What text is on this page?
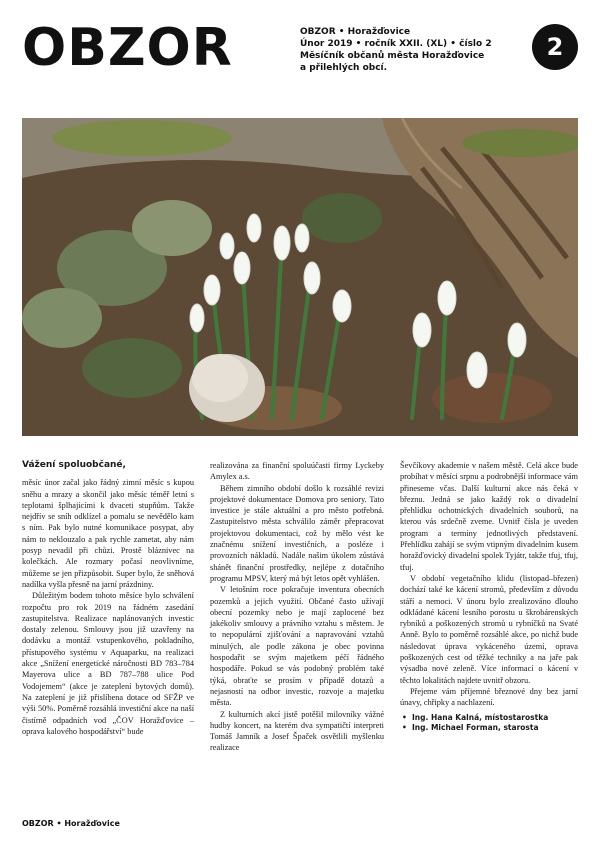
OBZOR	OBZOR • Horažďovice
Únor 2019 • ročník XXII. (XL) • číslo 2
Měsíčník občanů města Horažďovice
a přilehlých obcí.
2
Vážení spoluobčané,

měsíc únor začal jako řádný zimní měsíc s kupou sněhu a mrazy a skončil jako měsíc téměř letní s teplotami šplhajícími k dvaceti stupňům. Takže nejdřív se sníh odklízel a pomalu se nevědělo kam s ním. Pak bylo nutné komunikace posypat, aby nám to neklouzalo a pak rychle zametat, aby nám posyp nevadil při chůzi. Prostě bláznivec na kolečkách. Ale rozmary počasí neovlivníme, můžeme se jen přizpůsobit. Super bylo, že sněhová nadílka vyšla přesně na jarní prázdniny.

Důležitým bodem tohoto měsíce bylo schválení rozpočtu pro rok 2019 na řádném zasedání zastupitelstva. Realizace naplánovaných investic dostaly zelenou. Smlouvy jsou již uzavřeny na dodávku a montáž vstupenkového, pokladního, přístupového systému v Aquaparku, na realizaci akce „Snížení energetické náročnosti BD 783–784 Mayerova ulice a BD 787–788 ulice Pod Vodojemem“ (akce je zateplení bytových domů). Na zateplení je již přislíbena dotace od SFŽP ve výši 50%. Poměrně rozsáhlá investiční akce na naší čistírně odpadních vod „ČOV Horažďovice – oprava kalového hospodářství“ bude

realizována za finanční spoluúčasti firmy Lyckeby Amylex a.s.

Během zimního období došlo k rozsáhlé revizi projektové dokumentace Domova pro seniory. Tato investice je stále aktuální a pro město potřebná. Zastupitelstvo města schválilo záměr přepracovat projektovou dokumentaci, což by mělo vést ke značnému snížení investičních, a posléze i provozních nákladů. Nadále našim úkolem zůstává shánět finanční prostředky, nejlépe z dotačního programu MPSV, který má být letos opět vyhlášen.

V letošním roce pokračuje inventura obecních pozemků a jejich využití. Občané často užívají obecní pozemky nebo je mají zaplocené bez jakékoliv smlouvy a právního vztahu s městem. Je to nepopulární zjišťování a napravování vztahů minulých, ale podle zákona je obec povinna hospodařit se svým majetkem péčí řádného hospodáře. Pokud se vás podobný problém také týká, obraťte se prosím v případě dotazů a nejasností na odbor investic, rozvoje a majetku města.

Z kulturních akcí jistě potěšil milovníky vážné hudby koncert, na kterém dva sympatičtí interpreti Tomáš Jamník a Josef Špaček osvětlili myšlenku realizace

Ševčíkovy akademie v našem městě. Celá akce bude probíhat v měsíci srpnu a podrobnější informace vám přineseme včas. Další kulturní akce nás čeká v březnu. Jedná se jako každý rok o divadelní přehlídku ochotnických divadelních souborů, na kterou vás srdečně zveme. Uvnitř čísla je uveden program a termíny jednotlivých představení. Přehlídku zahájí se svým vtipným divadelním kusem horažďovický divadelní spolek Tyjátr, takže tfuj, tfuj, tfuj.

V období vegetačního klidu (listopad–březen) dochází také ke kácení stromů, především z důvodu stáří a nemoci. V únoru bylo zrealizováno dlouho odkládané kácení lesního porostu u škrobárenských rybníků a poškozených stromů u rybníčků na Svaté Anně. Bylo to poměrně rozsáhlé akce, po nichž bude následovat úprava vykáceného území, oprava poškozených cest od těžké techniky a na jaře pak výsadba nové zeleně. Více informací o kácení v těchto lokalitách najdete uvnitř obzoru.

Přejeme vám příjemné březnové dny bez jarní únavy, chřipky a nachlazení.

• Ing. Hana Kalná, místostarostka
• Ing. Michael Forman, starosta
OBZOR • Horažďovice
